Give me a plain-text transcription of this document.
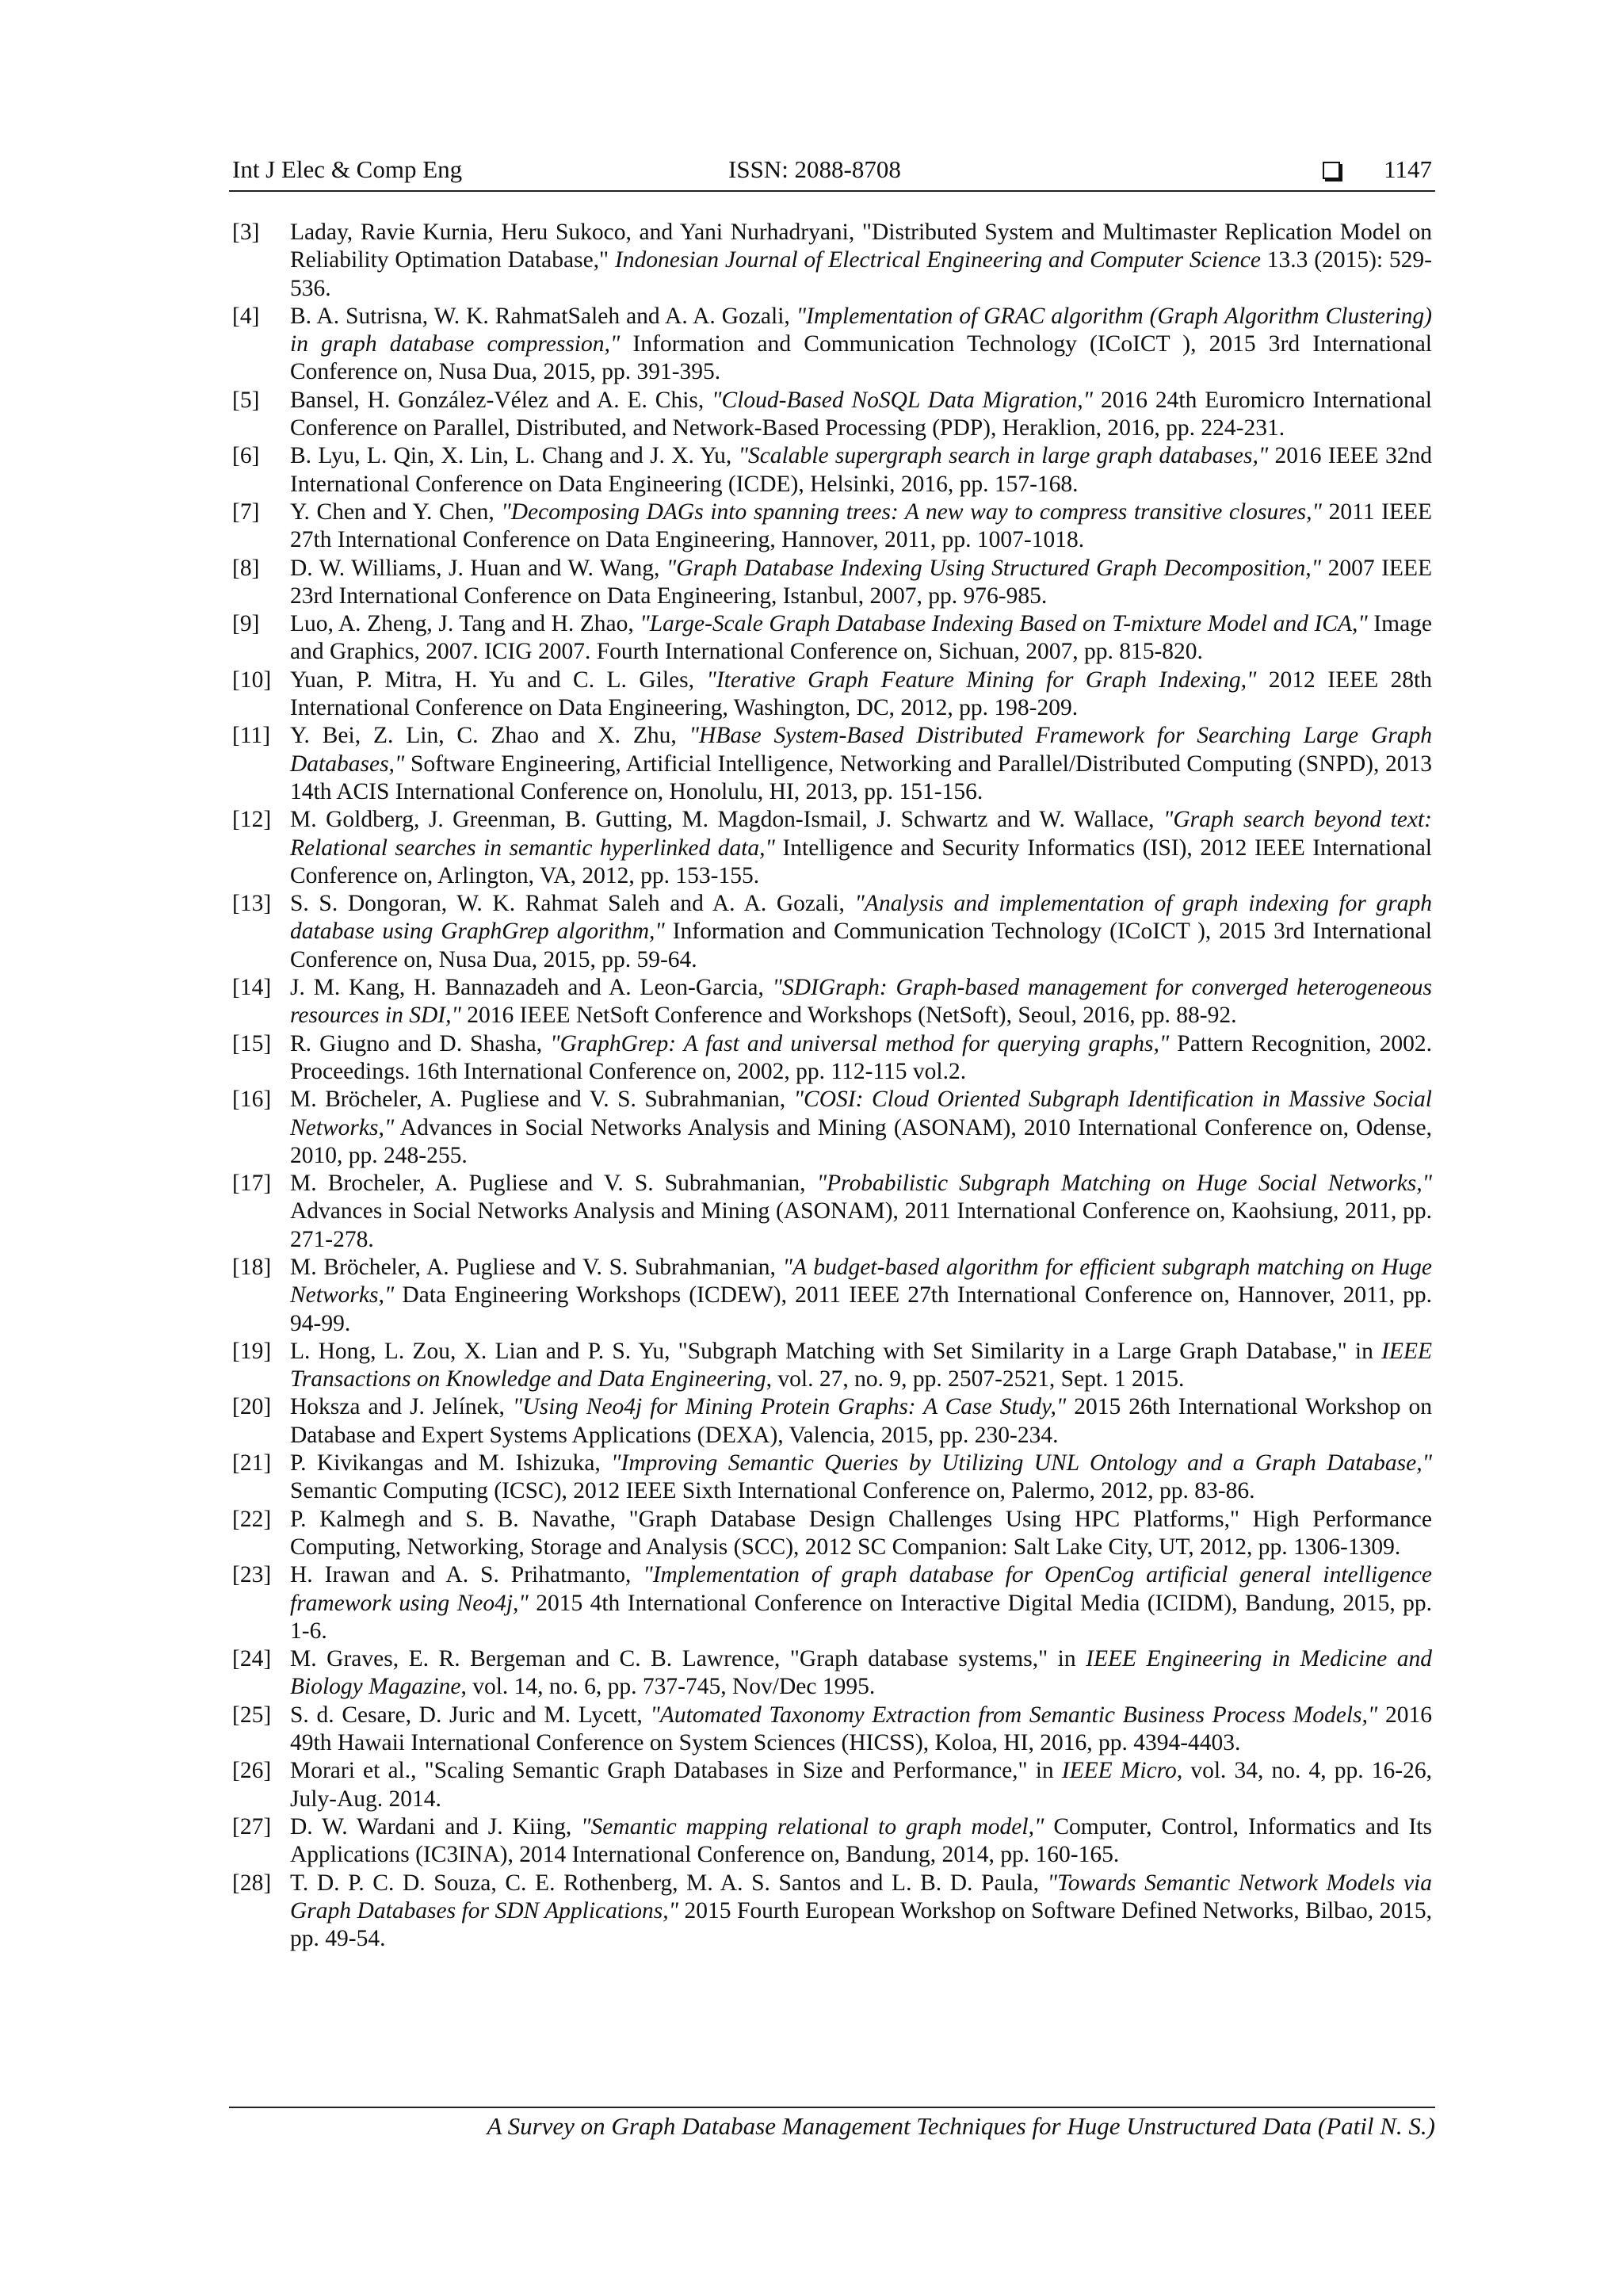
Int J Elec & Comp Eng	ISSN: 2088-8708	1147
[3] Laday, Ravie Kurnia, Heru Sukoco, and Yani Nurhadryani, "Distributed System and Multimaster Replication Model on Reliability Optimation Database," Indonesian Journal of Electrical Engineering and Computer Science 13.3 (2015): 529-536.
[4] B. A. Sutrisna, W. K. RahmatSaleh and A. A. Gozali, "Implementation of GRAC algorithm (Graph Algorithm Clustering) in graph database compression," Information and Communication Technology (ICoICT ), 2015 3rd International Conference on, Nusa Dua, 2015, pp. 391-395.
[5] Bansel, H. González-Vélez and A. E. Chis, "Cloud-Based NoSQL Data Migration," 2016 24th Euromicro International Conference on Parallel, Distributed, and Network-Based Processing (PDP), Heraklion, 2016, pp. 224-231.
[6] B. Lyu, L. Qin, X. Lin, L. Chang and J. X. Yu, "Scalable supergraph search in large graph databases," 2016 IEEE 32nd International Conference on Data Engineering (ICDE), Helsinki, 2016, pp. 157-168.
[7] Y. Chen and Y. Chen, "Decomposing DAGs into spanning trees: A new way to compress transitive closures," 2011 IEEE 27th International Conference on Data Engineering, Hannover, 2011, pp. 1007-1018.
[8] D. W. Williams, J. Huan and W. Wang, "Graph Database Indexing Using Structured Graph Decomposition," 2007 IEEE 23rd International Conference on Data Engineering, Istanbul, 2007, pp. 976-985.
[9] Luo, A. Zheng, J. Tang and H. Zhao, "Large-Scale Graph Database Indexing Based on T-mixture Model and ICA," Image and Graphics, 2007. ICIG 2007. Fourth International Conference on, Sichuan, 2007, pp. 815-820.
[10] Yuan, P. Mitra, H. Yu and C. L. Giles, "Iterative Graph Feature Mining for Graph Indexing," 2012 IEEE 28th International Conference on Data Engineering, Washington, DC, 2012, pp. 198-209.
[11] Y. Bei, Z. Lin, C. Zhao and X. Zhu, "HBase System-Based Distributed Framework for Searching Large Graph Databases," Software Engineering, Artificial Intelligence, Networking and Parallel/Distributed Computing (SNPD), 2013 14th ACIS International Conference on, Honolulu, HI, 2013, pp. 151-156.
[12] M. Goldberg, J. Greenman, B. Gutting, M. Magdon-Ismail, J. Schwartz and W. Wallace, "Graph search beyond text: Relational searches in semantic hyperlinked data," Intelligence and Security Informatics (ISI), 2012 IEEE International Conference on, Arlington, VA, 2012, pp. 153-155.
[13] S. S. Dongoran, W. K. Rahmat Saleh and A. A. Gozali, "Analysis and implementation of graph indexing for graph database using GraphGrep algorithm," Information and Communication Technology (ICoICT ), 2015 3rd International Conference on, Nusa Dua, 2015, pp. 59-64.
[14] J. M. Kang, H. Bannazadeh and A. Leon-Garcia, "SDIGraph: Graph-based management for converged heterogeneous resources in SDI," 2016 IEEE NetSoft Conference and Workshops (NetSoft), Seoul, 2016, pp. 88-92.
[15] R. Giugno and D. Shasha, "GraphGrep: A fast and universal method for querying graphs," Pattern Recognition, 2002. Proceedings. 16th International Conference on, 2002, pp. 112-115 vol.2.
[16] M. Bröcheler, A. Pugliese and V. S. Subrahmanian, "COSI: Cloud Oriented Subgraph Identification in Massive Social Networks," Advances in Social Networks Analysis and Mining (ASONAM), 2010 International Conference on, Odense, 2010, pp. 248-255.
[17] M. Brocheler, A. Pugliese and V. S. Subrahmanian, "Probabilistic Subgraph Matching on Huge Social Networks," Advances in Social Networks Analysis and Mining (ASONAM), 2011 International Conference on, Kaohsiung, 2011, pp. 271-278.
[18] M. Bröcheler, A. Pugliese and V. S. Subrahmanian, "A budget-based algorithm for efficient subgraph matching on Huge Networks," Data Engineering Workshops (ICDEW), 2011 IEEE 27th International Conference on, Hannover, 2011, pp. 94-99.
[19] L. Hong, L. Zou, X. Lian and P. S. Yu, "Subgraph Matching with Set Similarity in a Large Graph Database," in IEEE Transactions on Knowledge and Data Engineering, vol. 27, no. 9, pp. 2507-2521, Sept. 1 2015.
[20] Hoksza and J. Jelínek, "Using Neo4j for Mining Protein Graphs: A Case Study," 2015 26th International Workshop on Database and Expert Systems Applications (DEXA), Valencia, 2015, pp. 230-234.
[21] P. Kivikangas and M. Ishizuka, "Improving Semantic Queries by Utilizing UNL Ontology and a Graph Database," Semantic Computing (ICSC), 2012 IEEE Sixth International Conference on, Palermo, 2012, pp. 83-86.
[22] P. Kalmegh and S. B. Navathe, "Graph Database Design Challenges Using HPC Platforms," High Performance Computing, Networking, Storage and Analysis (SCC), 2012 SC Companion: Salt Lake City, UT, 2012, pp. 1306-1309.
[23] H. Irawan and A. S. Prihatmanto, "Implementation of graph database for OpenCog artificial general intelligence framework using Neo4j," 2015 4th International Conference on Interactive Digital Media (ICIDM), Bandung, 2015, pp. 1-6.
[24] M. Graves, E. R. Bergeman and C. B. Lawrence, "Graph database systems," in IEEE Engineering in Medicine and Biology Magazine, vol. 14, no. 6, pp. 737-745, Nov/Dec 1995.
[25] S. d. Cesare, D. Juric and M. Lycett, "Automated Taxonomy Extraction from Semantic Business Process Models," 2016 49th Hawaii International Conference on System Sciences (HICSS), Koloa, HI, 2016, pp. 4394-4403.
[26] Morari et al., "Scaling Semantic Graph Databases in Size and Performance," in IEEE Micro, vol. 34, no. 4, pp. 16-26, July-Aug. 2014.
[27] D. W. Wardani and J. Kiing, "Semantic mapping relational to graph model," Computer, Control, Informatics and Its Applications (IC3INA), 2014 International Conference on, Bandung, 2014, pp. 160-165.
[28] T. D. P. C. D. Souza, C. E. Rothenberg, M. A. S. Santos and L. B. D. Paula, "Towards Semantic Network Models via Graph Databases for SDN Applications," 2015 Fourth European Workshop on Software Defined Networks, Bilbao, 2015, pp. 49-54.
A Survey on Graph Database Management Techniques for Huge Unstructured Data (Patil N. S.)
